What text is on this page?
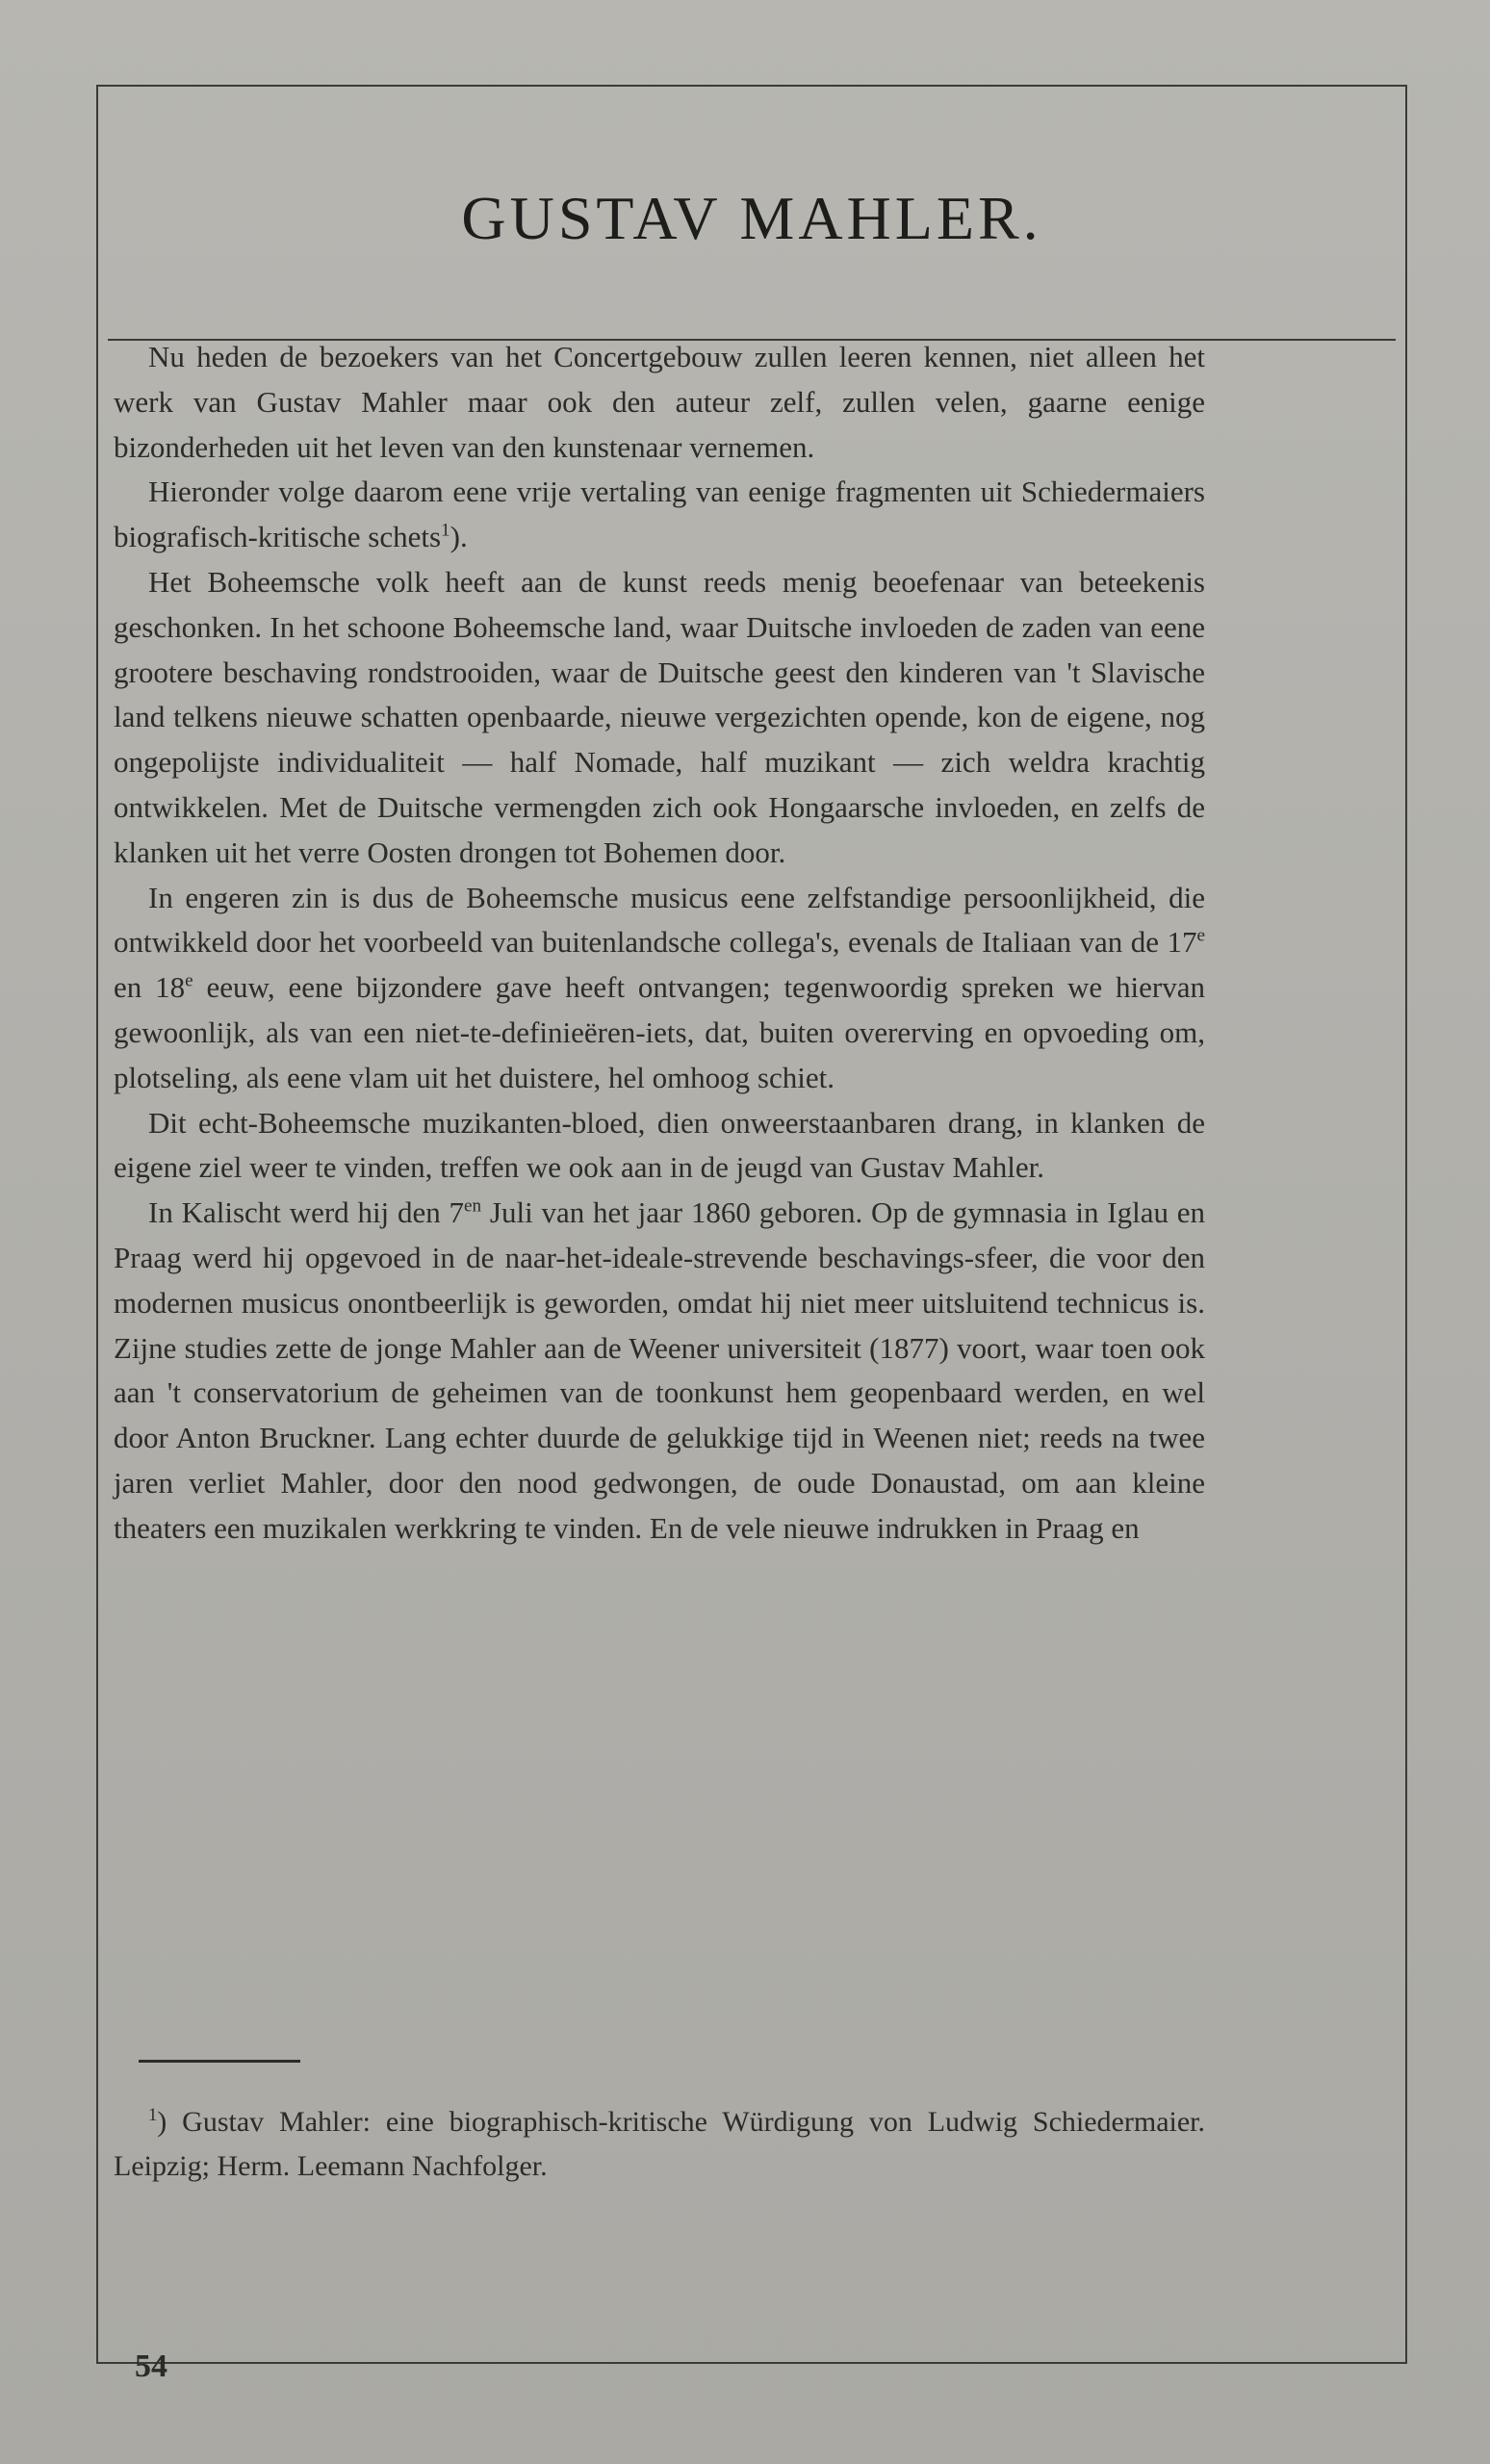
GUSTAV MAHLER.

Nu heden de bezoekers van het Concertgebouw zullen leeren kennen, niet alleen het werk van Gustav Mahler maar ook den auteur zelf, zullen velen, gaarne eenige bizonderheden uit het leven van den kunstenaar vernemen.

Hieronder volge daarom eene vrije vertaling van eenige fragmenten uit Schiedermaiers biografisch-kritische schets$^1$).

Het Boheemsche volk heeft aan de kunst reeds menig beoefenaar van beteekenis geschonken. In het schoone Boheemsche land, waar Duitsche invloeden de zaden van eene grootere beschaving rondstrooiden, waar de Duitsche geest den kinderen van 't Slavische land telkens nieuwe schatten openbaarde, nieuwe vergezichten opende, kon de eigene, nog ongepolijste individualiteit — half Nomade, half muzikant — zich weldra krachtig ontwikkelen. Met de Duitsche vermengden zich ook Hongaarsche invloeden, en zelfs de klanken uit het verre Oosten drongen tot Bohemen door.

In engeren zin is dus de Boheemsche musicus eene zelfstandige persoonlijkheid, die ontwikkeld door het voorbeeld van buitenlandsche collega's, evenals de Italiaan van de 17e en 18e eeuw, eene bijzondere gave heeft ontvangen; tegenwoordig spreken we hiervan gewoonlijk, als van een niet-te-definieëren-iets, dat, buiten overerving en opvoeding om, plotseling, als eene vlam uit het duistere, hel omhoog schiet.

Dit echt-Boheemsche muzikanten-bloed, dien onweerstaanbaren drang, in klanken de eigene ziel weer te vinden, treffen we ook aan in de jeugd van Gustav Mahler.

In Kalischt werd hij den $7^{en}$ Juli van het jaar 1860 geboren. Op de gymnasia in Iglau en Praag werd hij opgevoed in de naar-het-ideale-strevende beschavings-sfeer, die voor den modernen musicus onontbeerlijk is geworden, omdat hij niet meer uitsluitend technicus is. Zijne studies zette de jonge Mahler aan de Weener universiteit (1877) voort, waar toen ook aan 't conservatorium de geheimen van de toonkunst hem geopenbaard werden, en wel door Anton Bruckner. Lang echter duurde de gelukkige tijd in Weenen niet; reeds na twee jaren verliet Mahler, door den nood gedwongen, de oude Donaustad, om aan kleine theaters een muzikalen werkkring te vinden. En de vele nieuwe indrukken in Praag en

$^1$) Gustav Mahler: eine biographisch-kritische Würdigung von Ludwig Schiedermaier. Leipzig; Herm. Leemann Nachfolger.

54
